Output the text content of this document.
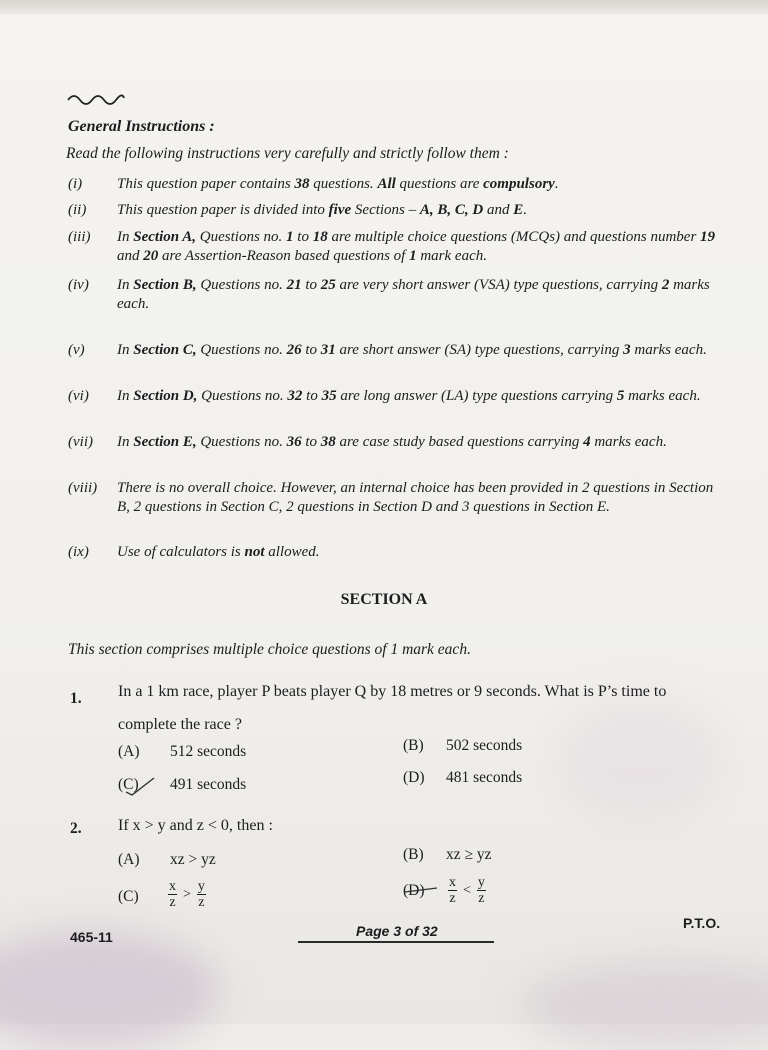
General Instructions :
Read the following instructions very carefully and strictly follow them :
(i) This question paper contains 38 questions. All questions are compulsory.
(ii) This question paper is divided into five Sections – A, B, C, D and E.
(iii) In Section A, Questions no. 1 to 18 are multiple choice questions (MCQs) and questions number 19 and 20 are Assertion-Reason based questions of 1 mark each.
(iv) In Section B, Questions no. 21 to 25 are very short answer (VSA) type questions, carrying 2 marks each.
(v) In Section C, Questions no. 26 to 31 are short answer (SA) type questions, carrying 3 marks each.
(vi) In Section D, Questions no. 32 to 35 are long answer (LA) type questions carrying 5 marks each.
(vii) In Section E, Questions no. 36 to 38 are case study based questions carrying 4 marks each.
(viii) There is no overall choice. However, an internal choice has been provided in 2 questions in Section B, 2 questions in Section C, 2 questions in Section D and 3 questions in Section E.
(ix) Use of calculators is not allowed.
SECTION A
This section comprises multiple choice questions of 1 mark each.
1. In a 1 km race, player P beats player Q by 18 metres or 9 seconds. What is P’s time to complete the race ?
(A) 512 seconds	(B) 502 seconds
(C) 491 seconds	(D) 481 seconds
2. If x > y and z < 0, then :
(A) xz > yz	(B) xz ≥ yz
$(C) \frac{x}{z} > \frac{y}{z}$	$(D) \frac{x}{z} < \frac{y}{z}$
465-11	Page 3 of 32	P.T.O.
